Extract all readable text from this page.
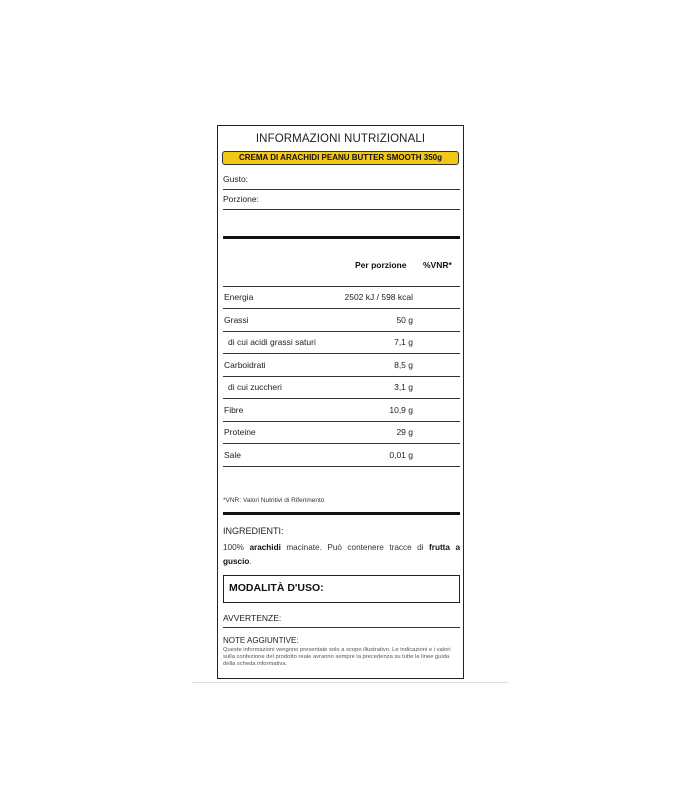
INFORMAZIONI NUTRIZIONALI
CREMA DI ARACHIDI PEANU BUTTER SMOOTH 350g
Gusto:
Porzione:
Per porzione %VNR*
Energia	2502 kJ / 598 kcal
Grassi	50 g
di cui acidi grassi saturi	7,1 g
Carboidrati	8,5 g
di cui zuccheri	3,1 g
Fibre	10,9 g
Proteine	29 g
Sale	0,01 g
*VNR: Valori Nutritivi di Riferimento
INGREDIENTI:
100% arachidi macinate. Può contenere tracce di frutta a guscio.
MODALITÀ D'USO:
AVVERTENZE:
NOTE AGGIUNTIVE:
Queste informazioni vengono presentate solo a scopo illustrativo. Le indicazioni e i valori sulla confezione del prodotto reale avranno sempre la precedenza su tutte le linee guida della scheda informativa.
